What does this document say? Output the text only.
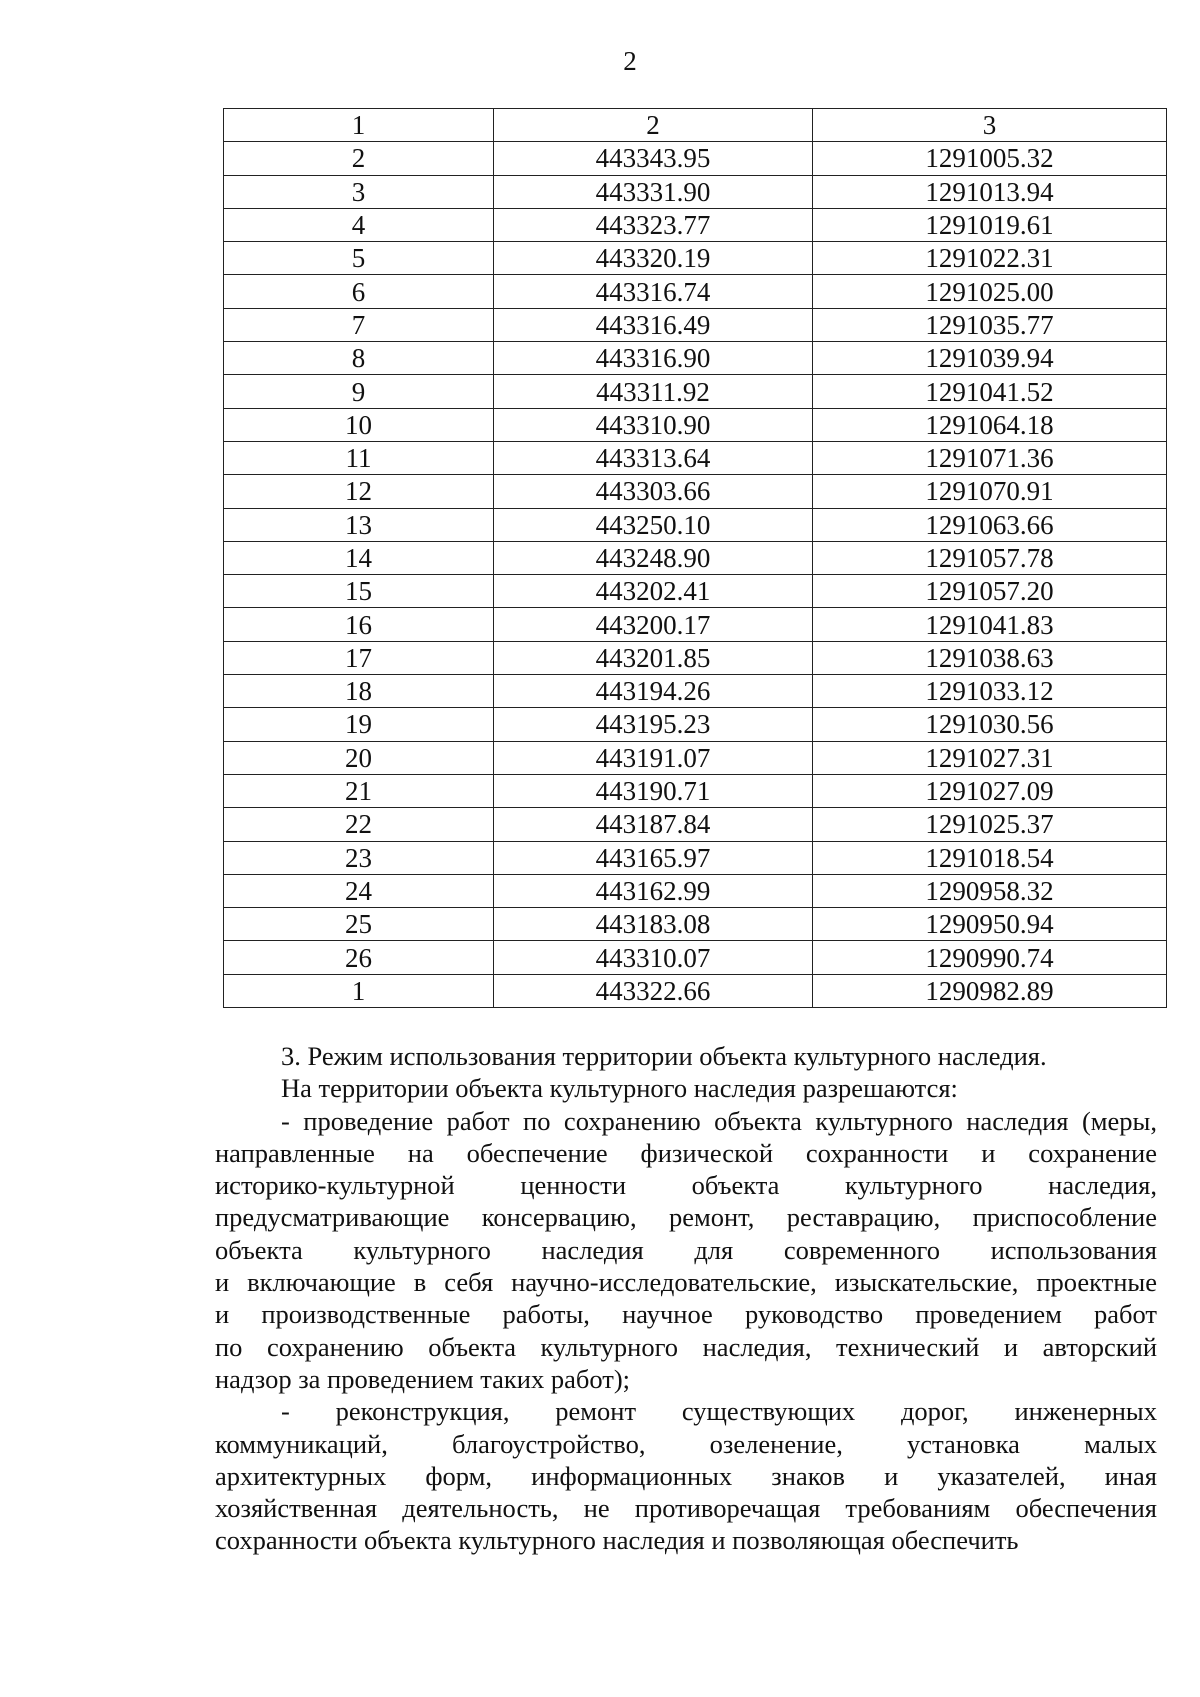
2
1	2	3
2	443343.95	1291005.32
3	443331.90	1291013.94
4	443323.77	1291019.61
5	443320.19	1291022.31
6	443316.74	1291025.00
7	443316.49	1291035.77
8	443316.90	1291039.94
9	443311.92	1291041.52
10	443310.90	1291064.18
11	443313.64	1291071.36
12	443303.66	1291070.91
13	443250.10	1291063.66
14	443248.90	1291057.78
15	443202.41	1291057.20
16	443200.17	1291041.83
17	443201.85	1291038.63
18	443194.26	1291033.12
19	443195.23	1291030.56
20	443191.07	1291027.31
21	443190.71	1291027.09
22	443187.84	1291025.37
23	443165.97	1291018.54
24	443162.99	1290958.32
25	443183.08	1290950.94
26	443310.07	1290990.74
1	443322.66	1290982.89

3. Режим использования территории объекта культурного наследия.

На территории объекта культурного наследия разрешаются:

- проведение работ по сохранению объекта культурного наследия (меры,

направленные на обеспечение физической сохранности и сохранение

историко-культурной ценности объекта культурного наследия,

предусматривающие консервацию, ремонт, реставрацию, приспособление

объекта культурного наследия для современного использования

и включающие в себя научно-исследовательские, изыскательские, проектные

и производственные работы, научное руководство проведением работ

по сохранению объекта культурного наследия, технический и авторский

надзор за проведением таких работ);

- реконструкция, ремонт существующих дорог, инженерных

коммуникаций, благоустройство, озеленение, установка малых

архитектурных форм, информационных знаков и указателей, иная

хозяйственная деятельность, не противоречащая требованиям обеспечения

сохранности объекта культурного наследия и позволяющая обеспечить
